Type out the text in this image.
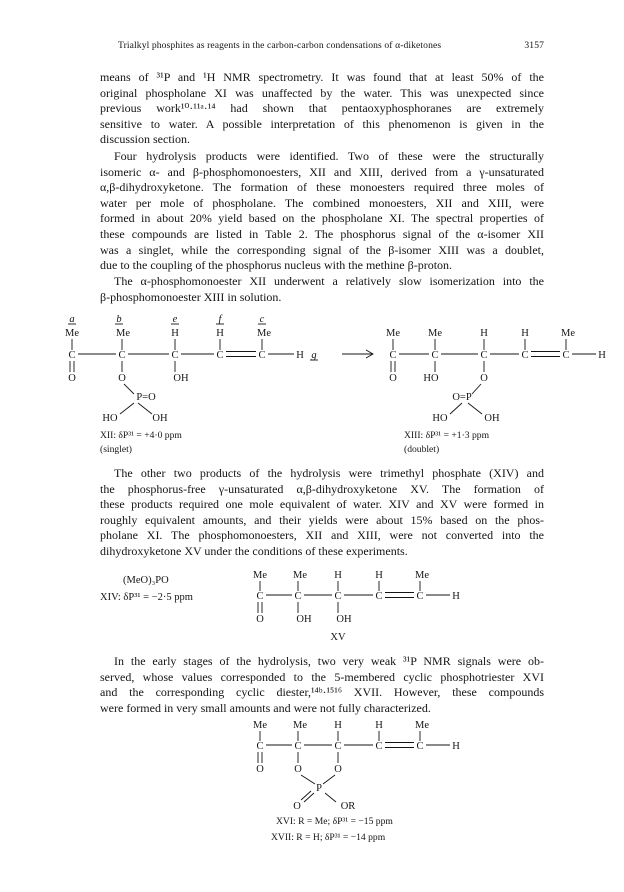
Trialkyl phosphites as reagents in the carbon-carbon condensations of α-diketones	3157
means of ³¹P and ¹H NMR spectrometry. It was found that at least 50% of the
original phospholane XI was unaffected by the water. This was unexpected since
previous work¹⁰·¹¹ᵃ·¹⁴ had shown that pentaoxyphosphoranes are extremely
sensitive to water. A possible interpretation of this phenomenon is given in the
discussion section.
Four hydrolysis products were identified. Two of these were the structurally
isomeric α- and β-phosphomonoesters, XII and XIII, derived from a γ-unsaturated
α,β-dihydroxyketone. The formation of these monoesters required three moles of
water per mole of phospholane. The combined monoesters, XII and XIII, were
formed in about 20% yield based on the phospholane XI. The spectral properties of
these compounds are listed in Table 2. The phosphorus signal of the α-isomer XII
was a singlet, while the corresponding signal of the β-isomer XIII was a doublet,
due to the coupling of the phosphorus nucleus with the methine β-proton.
The α-phosphomonoester XII underwent a relatively slow isomerization into the
β-phosphomonoester XIII in solution.
a	b	e	f	c
Me	Me	H	H	Me
C	C	C	C	C	H g
O	O	OH
P=O
HO	OH
Me	Me	H	H	Me
C	C	C	C	C	H
O	HO	O
O=P
HO	OH
XII: δP³¹ = +4·0 ppm
(singlet)
XIII: δP³¹ = +1·3 ppm
(doublet)
The other two products of the hydrolysis were trimethyl phosphate (XIV) and
the phosphorus-free γ-unsaturated α,β-dihydroxyketone XV. The formation of
these products required one mole equivalent of water. XIV and XV were formed in
roughly equivalent amounts, and their yields were about 15% based on the phos-
pholane XI. The phosphomonoesters, XII and XIII, were not converted into the
dihydroxyketone XV under the conditions of these experiments.
(MeO)₃PO
XIV: δP³¹ = −2·5 ppm
Me Me	H	H	Me
C	C	C	C	C	H
O	OH OH
XV
In the early stages of the hydrolysis, two very weak ³¹P NMR signals were ob-
served, whose values corresponded to the 5-membered cyclic phosphotriester XVI
and the corresponding cyclic diester,¹⁴ᵇ·¹⁵¹⁶ XVII. However, these compounds
were formed in very small amounts and were not fully characterized.
Me Me	H	H	Me
C	C	C	C	C	H
O	O	O
P
O	OR
XVI: R = Me; δP³¹ = −15 ppm
XVII: R = H; δP³¹ = −14 ppm
